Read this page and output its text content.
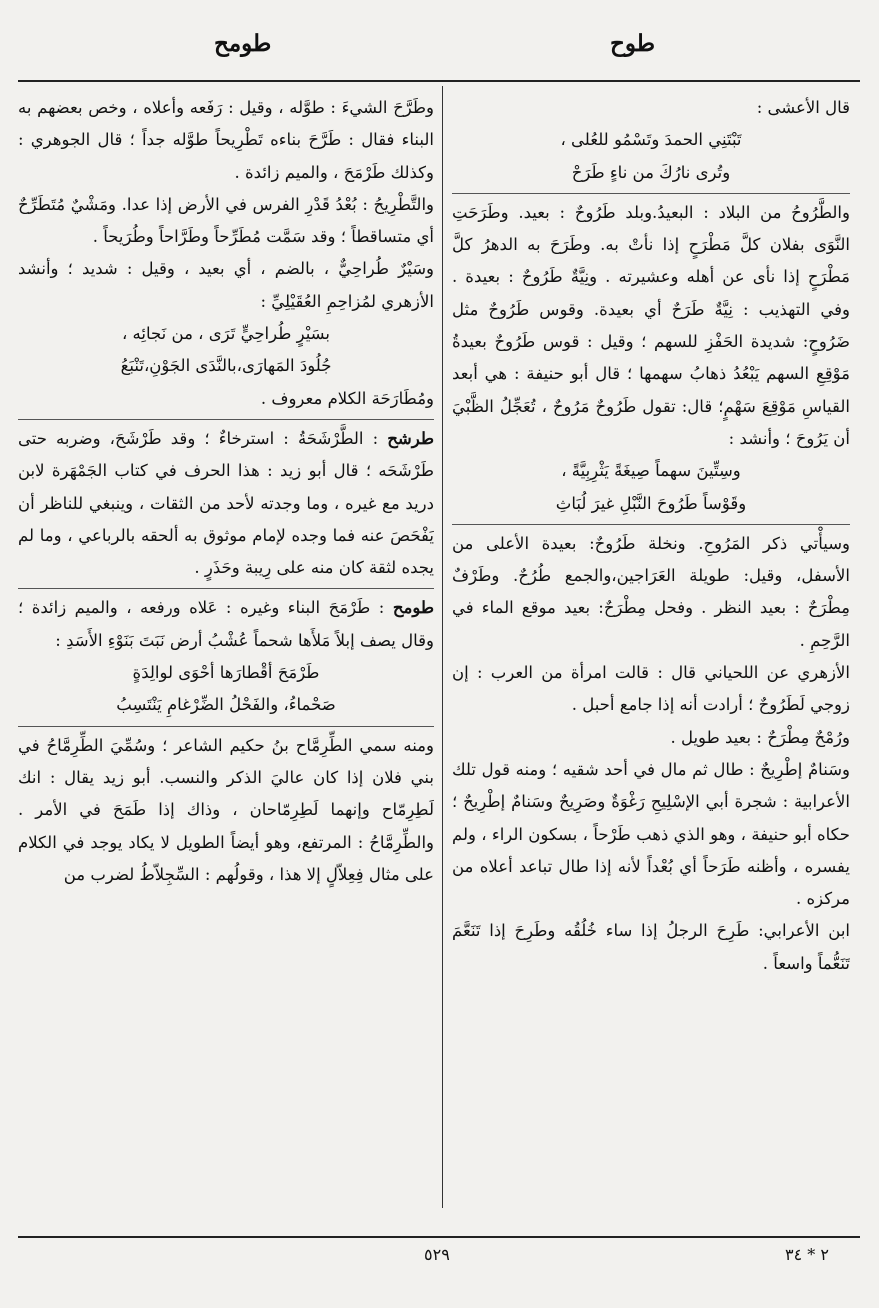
طومح	طوح

قال الأعشى :

تَبْتَنِي الحمدَ وتَسْمُو للعُلى ،
وتُرى نارُكَ من ناءٍ طَرَحْ

والطَّرُوحُ من البلاد : البعيدُ.وبلد طَرُوحٌ : بعيد. وطَرَحَتِ النَّوَى بفلان كلَّ مَطْرَحٍ إذا نأتْ به. وطَرَحَ به الدهرُ كلَّ مَطْرَحٍ إذا نأى عن أهله وعشيرته . ونِيَّةٌ طَرُوحٌ : بعيدة . وفي التهذيب : نِيَّةٌ طَرَحٌ أي بعيدة. وقوس طَرُوحٌ مثل ضَرُوحٍ: شديدة الحَفْزِ للسهم ؛ وقيل : قوس طَرُوحٌ بعيدةُ مَوْقِعِ السهم يَبْعُدُ ذهابُ سهمها ؛ قال أبو حنيفة : هي أبعد القياسِ مَوْقِعَ سَهْمٍ؛ قال: تقول طَرُوحٌ مَرُوحٌ ، تُعَجِّلُ الظَّبْيَ أن يَرُوحَ ؛ وأنشد :

وسِتِّينَ سهماً صِيغَةً يَثْرِبِيَّةً ،
وقَوْساً طَرُوحَ النَّبْلِ غيرَ لُبَاثِ

وسيأْتي ذكر المَرُوحِ. ونخلة طَرُوحٌ: بعيدة الأعلى من الأسفل، وقيل: طويلة العَرَاجين،والجمع طُرُحٌ. وطَرْفٌ مِطْرَحٌ : بعيد النظر . وفحل مِطْرَحٌ: بعيد موقع الماء في الرَّحِمِ .

الأزهري عن اللحياني قال : قالت امرأة من العرب : إن زوجي لَطَرُوحٌ ؛ أرادت أنه إذا جامع أحبل .

ورُمْحٌ مِطْرَحٌ : بعيد طويل .

وسَنامٌ إطْرِيحٌ : طال ثم مال في أحد شقيه ؛ ومنه قول تلك الأعرابية : شجرة أبي الإسْلِيحِ رَغْوَةٌ وصَرِيحٌ وسَنامٌ إطْرِيحٌ ؛ حكاه أبو حنيفة ، وهو الذي ذهب طَرْحاً ، بسكون الراء ، ولم يفسره ، وأظنه طَرَحاً أي بُعْداً لأنه إذا طال تباعد أعلاه من مركزه .

ابن الأعرابي: طَرِحَ الرجلُ إذا ساء خُلُقُه وطَرِحَ إذا تَنَعَّمَ تَنَعُّماً واسعاً .

وطَرَّحَ الشيءَ : طوَّله ، وقيل : رَفَعه وأعلاه ، وخص بعضهم به البناء فقال : طَرَّحَ بناءه تَطْرِيحاً طوَّله جداً ؛ قال الجوهري : وكذلك طَرْمَحَ ، والميم زائدة .

والتَّطْرِيحُ : بُعْدُ قَدْرِ الفرس في الأرض إذا عدا. ومَشْيٌ مُتَطَرِّحٌ أي متساقطاً ؛ وقد سَمَّت مُطَرِّحاً وطَرَّاحاً وطُرَيحاً .

وسَيْرٌ طُراحِيٌّ ، بالضم ، أي بعيد ، وقيل : شديد ؛ وأنشد الأزهري لمُزاحِمِ العُقَيْلِيِّ :

بسَيْرٍ طُراحِيٍّ تَرَى ، من نَجائِه ،
جُلُودَ المَهارَى،بالنَّدَى الجَوْنِ،تَنْبَعُ

ومُطَارَحَة الكلام معروف .

طرشح : الطَّرْشَحَةُ : استرخاءٌ ؛ وقد طَرْشَحَ، وضربه حتى طَرْشَحَه ؛ قال أبو زيد : هذا الحرف في كتاب الجَمْهَرة لابن دريد مع غيره ، وما وجدته لأحد من الثقات ، وينبغي للناظر أن يَفْحَصَ عنه فما وجده لإمام موثوق به ألحقه بالرباعي ، وما لم يجده لثقة كان منه على رِيبة وحَذَرٍ .

طومح : طَرْمَحَ البناء وغيره : عَلاه ورفعه ، والميم زائدة ؛ وقال يصف إبلاً مَلأَها شحماً عُشْبُ أرض نَبَتَ بَنَوْءِ الأَسَدِ :

طَرْمَحَ أقْطارَها أحْوَى لوالِدَةٍ
صَحْماءُ، والفَحْلُ الضِّرْغامِ يَنْتَسِبُ

ومنه سمي الطِّرِمَّاح بنُ حكيم الشاعر ؛ وسُمِّيَ الطِّرِمَّاحُ في بني فلان إذا كان عاليَ الذكر والنسب. أبو زيد يقال : انك لَطِرِمّاح وإنهما لَطِرِمّاحان ، وذاك إذا طَمَحَ في الأمر . والطِّرِمَّاحُ : المرتفع، وهو أيضاً الطويل لا يكاد يوجد في الكلام على مثال فِعِلاّلٍ إلا هذا ، وقولُهم : السِّجِلاّطُ لضرب من

٥٢٩	٢ * ٣٤
